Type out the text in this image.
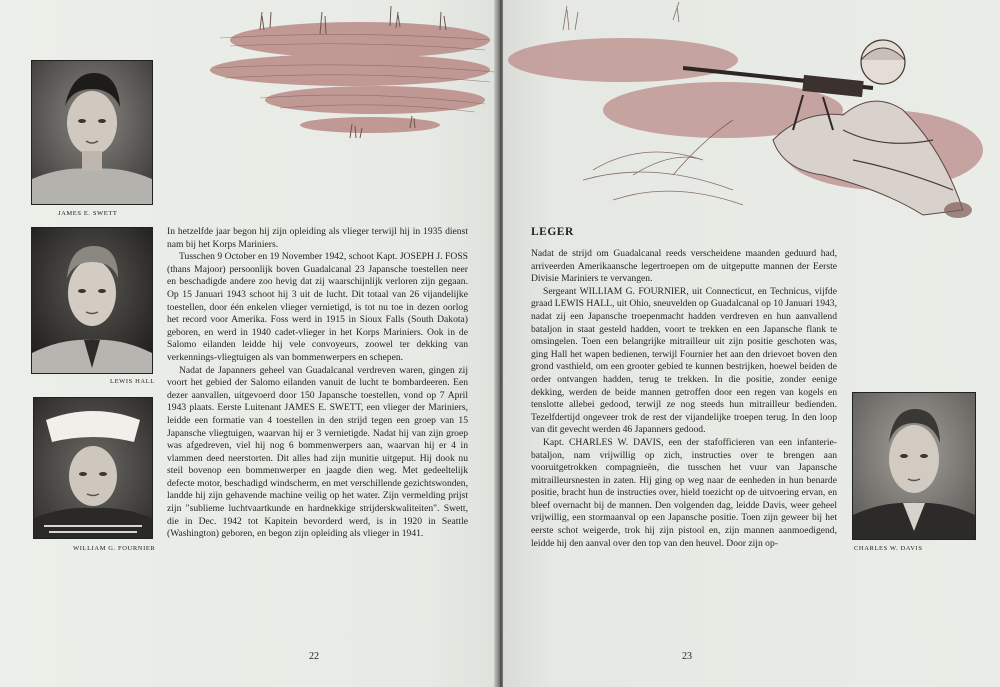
JAMES E. SWETT
LEWIS HALL
WILLIAM G. FOURNIER

In hetzelfde jaar begon hij zijn opleiding als vlieger terwijl hij in 1935 dienst nam bij het Korps Mariniers.

Tusschen 9 October en 19 November 1942, schoot Kapt. JOSEPH J. FOSS (thans Majoor) persoonlijk boven Guadalcanal 23 Japansche toestellen neer en beschadigde andere zoo hevig dat zij waarschijnlijk verloren zijn gegaan. Op 15 Januari 1943 schoot hij 3 uit de lucht. Dit totaal van 26 vijandelijke toestellen, door één enkelen vlieger vernietigd, is tot nu toe in dezen oorlog het record voor Amerika. Foss werd in 1915 in Sioux Falls (South Dakota) geboren, en werd in 1940 cadet-vlieger in het Korps Mariniers. Ook in de Salomo eilanden leidde hij vele convoyeurs, zoowel ter dekking van verkennings-vliegtuigen als van bommenwerpers en schepen.

Nadat de Japanners geheel van Guadalcanal verdreven waren, gingen zij voort het gebied der Salomo eilanden vanuit de lucht te bombardeeren. Een dezer aanvallen, uitgevoerd door 150 Japansche toestellen, vond op 7 April 1943 plaats. Eerste Luitenant JAMES E. SWETT, een vlieger der Mariniers, leidde een formatie van 4 toestellen in den strijd tegen een groep van 15 Japansche vliegtuigen, waarvan hij er 3 vernietigde. Nadat hij van zijn groep was afgedreven, viel hij nog 6 bommenwerpers aan, waarvan hij er 4 in vlammen deed neerstorten. Dit alles had zijn munitie uitgeput. Hij dook nu steil bovenop een bommenwerper en jaagde dien weg. Met gedeeltelijk defecte motor, beschadigd windscherm, en met verschillende gezichtswonden, landde hij zijn gehavende machine veilig op het water. Zijn vermelding prijst zijn "sublieme luchtvaartkunde en hardnekkige strijderskwaliteiten". Swett, die in Dec. 1942 tot Kapitein bevorderd werd, is in 1920 in Seattle (Washington) geboren, en begon zijn opleiding als vlieger in 1941.

22
LEGER

Nadat de strijd om Guadalcanal reeds verscheidene maanden geduurd had, arriveerden Amerikaansche legertroepen om de uitgeputte mannen der Eerste Divisie Mariniers te vervangen.

Sergeant WILLIAM G. FOURNIER, uit Connecticut, en Technicus, vijfde graad LEWIS HALL, uit Ohio, sneuvelden op Guadalcanal op 10 Januari 1943, nadat zij een Japansche troepenmacht hadden verdreven en hun aanvallend bataljon in staat gesteld hadden, voort te trekken en een Japansche flank te omsingelen. Toen een belangrijke mitrailleur uit zijn positie geschoten was, ging Hall het wapen bedienen, terwijl Fournier het aan den drievoet boven den grond vasthield, om een grooter gebied te kunnen bestrijken, hoewel beiden de order ontvangen hadden, terug te trekken. In die positie, zonder eenige dekking, werden de beide mannen getroffen door een regen van kogels en tenslotte allebei gedood, terwijl ze nog steeds hun mitrailleur bedienden. Tezelfdertijd ongeveer trok de rest der vijandelijke troepen terug. In den loop van dit gevecht werden 46 Japanners gedood.

Kapt. CHARLES W. DAVIS, een der stafofficieren van een infanterie-bataljon, nam vrijwillig op zich, instructies over te brengen aan vooruitgetrokken compagnieën, die tusschen het vuur van Japansche mitrailleursnesten in zaten. Hij ging op weg naar de eenheden in hun benarde positie, bracht hun de instructies over, hield toezicht op de uitvoering ervan, en bleef overnacht bij de mannen. Den volgenden dag, leidde Davis, weer geheel vrijwillig, een stormaanval op een Japansche positie. Toen zijn geweer bij het eerste schot weigerde, trok hij zijn pistool en, zijn mannen aanmoedigend, leidde hij den aanval over den top van den heuvel. Door zijn op-	CHARLES W. DAVIS
23
